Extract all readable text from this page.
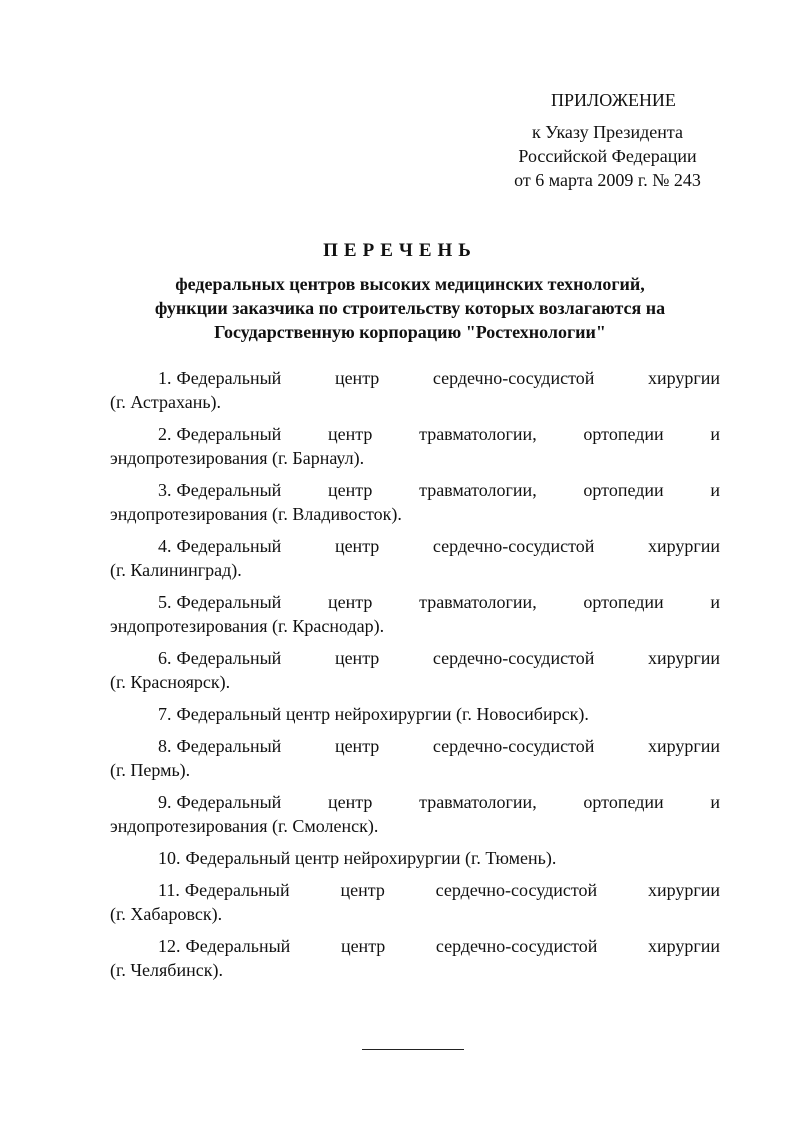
ПРИЛОЖЕНИЕ
к Указу Президента
Российской Федерации
от 6 марта 2009 г. № 243
ПЕРЕЧЕНЬ
федеральных центров высоких медицинских технологий,
функции заказчика по строительству которых возлагаются на
Государственную корпорацию "Ростехнологии"
1. Федеральный	центр	сердечно-сосудистой	хирургии
(г. Астрахань).
2. Федеральный	центр	травматологии,	ортопедии	и
эндопротезирования (г. Барнаул).
3. Федеральный	центр	травматологии,	ортопедии	и
эндопротезирования (г. Владивосток).
4. Федеральный	центр	сердечно-сосудистой	хирургии
(г. Калининград).
5. Федеральный	центр	травматологии,	ортопедии	и
эндопротезирования (г. Краснодар).
6. Федеральный	центр	сердечно-сосудистой	хирургии
(г. Красноярск).
7. Федеральный центр нейрохирургии (г. Новосибирск).
8. Федеральный	центр	сердечно-сосудистой	хирургии
(г. Пермь).
9. Федеральный	центр	травматологии,	ортопедии	и
эндопротезирования (г. Смоленск).
10. Федеральный центр нейрохирургии (г. Тюмень).
11. Федеральный	центр	сердечно-сосудистой	хирургии
(г. Хабаровск).
12. Федеральный	центр	сердечно-сосудистой	хирургии
(г. Челябинск).
